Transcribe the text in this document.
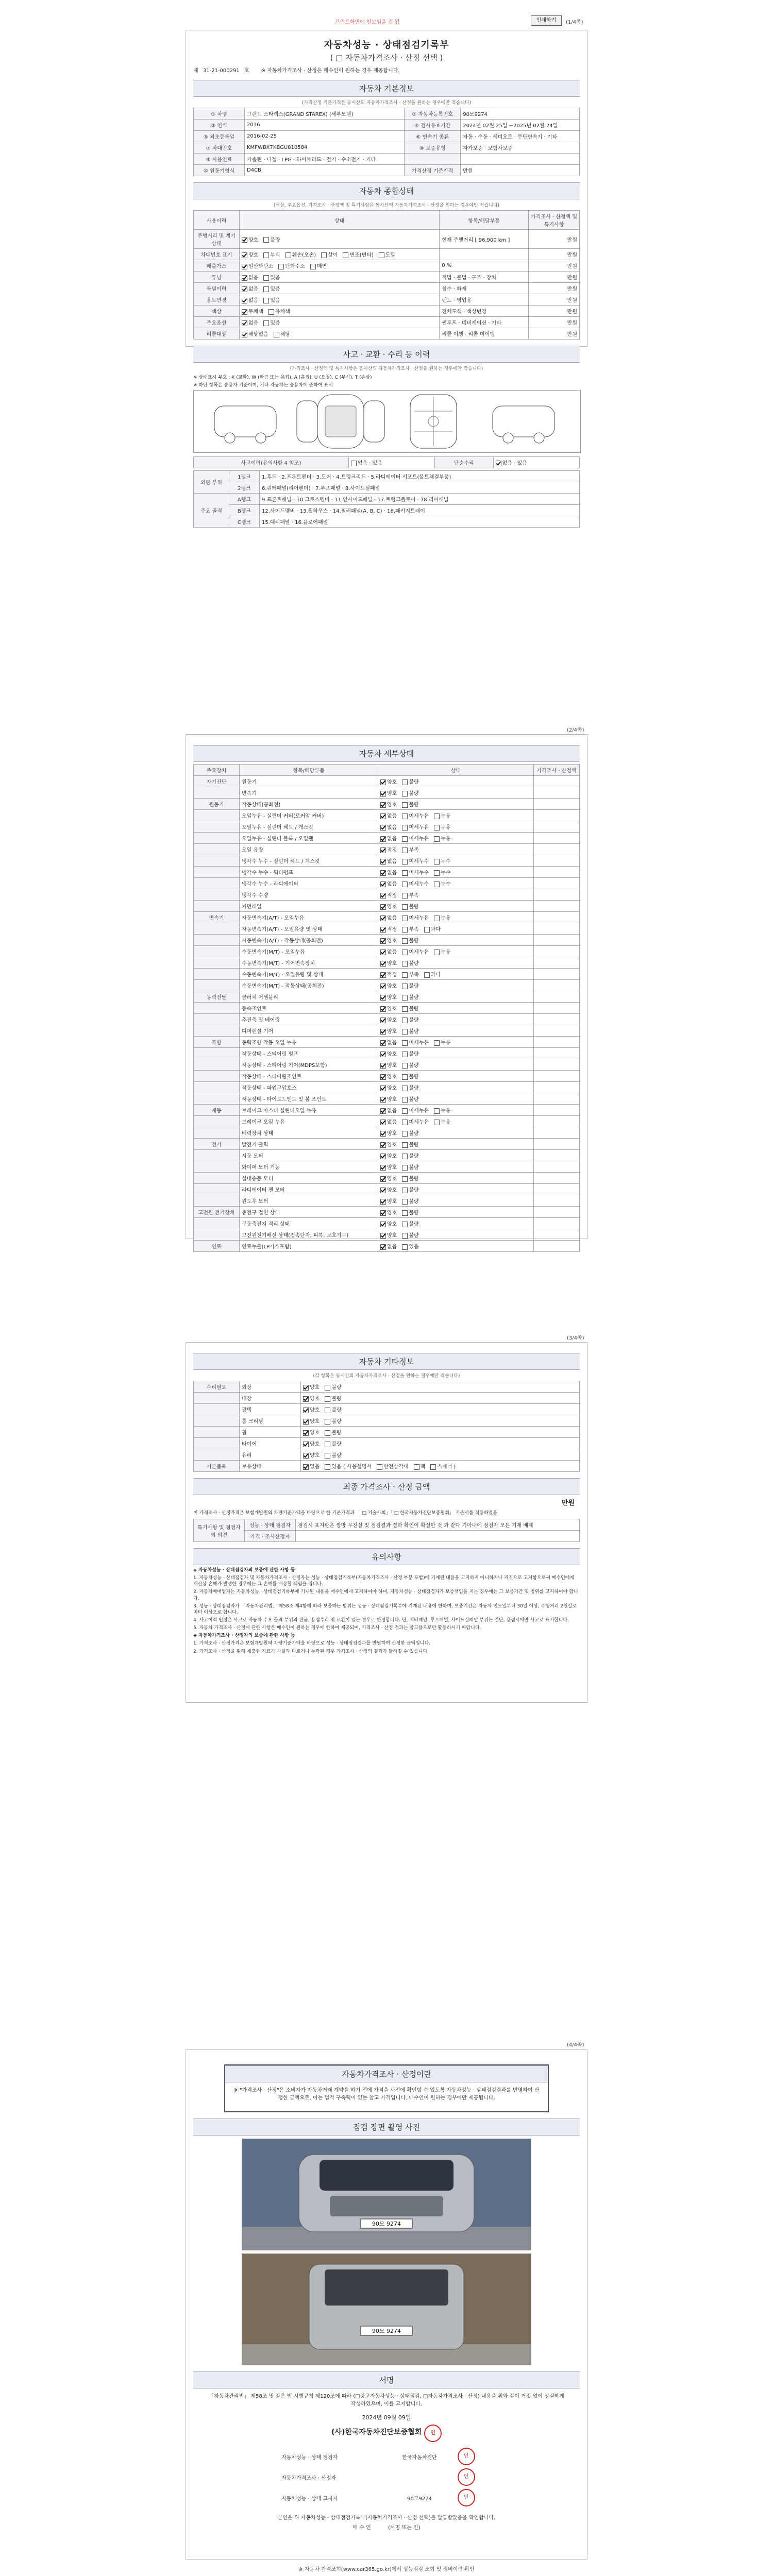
프린트화면에 안보임을 겁 됨	인쇄하기	(1/4쪽)
자동차성능 · 상태점검기록부
( □ 자동차가격조사 · 산정 선택 )
제 31-21-000291 호 ※ 자동차가격조사 · 산정은 매수인이 원하는 경우 제공합니다.
자동차 기본정보
(가격산정 기준가격은 동시산의 자동차가격조사 · 산정을 원하는 경우에만 적습니다)
① 차명	그랜드 스타렉스(GRAND STAREX) (세부모델)	② 자동차등록번호	90모9274
③ 연식	2016	④ 검사유효기간	2024년 02월 25일 ~2025년 02월 24일
⑤ 최초등록일	2016-02-25	⑥ 변속기 종류	자동 · 수동 · 세미오토 · 무단변속기 · 기타
⑦ 차대번호	KMFWBX7KBGU810584	⑧ 보증유형	자가보증 · 보험사보증
⑨ 사용연료	가솔린 · 디젤 · LPG · 하이브리드 · 전기 · 수소전기 · 기타		
⑩ 원동기형식	D4CB	가격산정 기준가격	만원
자동차 종합상태
(색상, 주요옵션, 가격조사 · 산정액 및 특기사항은 동시산의 자동차가격조사 · 산정을 원하는 경우에만 적습니다)
사용이력	상태	항목/해당부품	가격조사 · 산정액 및 특기사항
주행거리 및 계기상태	양호 불량	현재 주행거리 [ 96,900 km ]	만원
차대번호 표기	양호 부식 훼손(오손) 상이 변조(변타) 도말		만원
배출가스	일산화탄소 탄화수소 매연	0 %	만원
튜닝	없음 있음	적법 · 불법 · 구조 · 장치	만원
특별이력	없음 있음	침수 · 화재	만원
용도변경	없음 있음	렌트 · 영업용	만원
색상	무채색 유채색	전체도색 · 색상변경	만원
주요옵션	없음 있음	썬루프 · 네비게이션 · 기타	만원
리콜대상	해당없음 해당	리콜 이행 · 리콜 미이행	만원
사고 · 교환 · 수리 등 이력
(가격조사 · 산정액 및 특기사항은 동시산의 자동차가격조사 · 산정을 원하는 경우에만 적습니다)
※ 상태표시 부호 : X (교환), W (판금 또는 용접), A (흠집), U (요철), C (부식), T (손상)
※ 하단 항목은 승용차 기준이며, 기타 자동차는 승용차에 준하여 표시
사고이력(유의사항 4 참조)	없음 · 있음	단순수리	없음 · 있음
외판 부위	1랭크	1.후드 · 2.프론트펜더 · 3.도어 · 4.트렁크리드 · 5.라디에이터 서포트(볼트체결부품)
	2랭크	6.쿼터패널(리어펜더) · 7.루프패널 · 8.사이드실패널
주요 골격	A랭크	9.프론트패널 · 10.크로스멤버 · 11.인사이드패널 · 17.트렁크플로어 · 18.리어패널
	B랭크	12.사이드멤버 · 13.휠하우스 · 14.필러패널(A, B, C) · 16.패키지트레이
	C랭크	15.대쉬패널 · 16.플로어패널
(2/4쪽)
자동차 세부상태
주요장치	항목/해당부품	상태	가격조사 · 산정액
자기진단	원동기	양호 불량	
	변속기	양호 불량	
원동기	작동상태(공회전)	양호 불량	
	오일누유 - 실린더 커버(로커암 커버)	없음 미세누유 누유	
	오일누유 - 실린더 헤드 / 개스킷	없음 미세누유 누유	
	오일누유 - 실린더 블록 / 오일팬	없음 미세누유 누유	
	오일 유량	적정 부족	
	냉각수 누수 - 실린더 헤드 / 개스킷	없음 미세누수 누수	
	냉각수 누수 - 워터펌프	없음 미세누수 누수	
	냉각수 누수 - 라디에이터	없음 미세누수 누수	
	냉각수 수량	적정 부족	
	커먼레일	양호 불량	
변속기	자동변속기(A/T) - 오일누유	없음 미세누유 누유	
	자동변속기(A/T) - 오일유량 및 상태	적정 부족 과다	
	자동변속기(A/T) - 작동상태(공회전)	양호 불량	
	수동변속기(M/T) - 오일누유	없음 미세누유 누유	
	수동변속기(M/T) - 기어변속장치	양호 불량	
	수동변속기(M/T) - 오일유량 및 상태	적정 부족 과다	
	수동변속기(M/T) - 작동상태(공회전)	양호 불량	
동력전달	클러치 어셈블리	양호 불량	
	등속조인트	양호 불량	
	추진축 및 베어링	양호 불량	
	디퍼렌셜 기어	양호 불량	
조향	동력조향 작동 오일 누유	없음 미세누유 누유	
	작동상태 - 스티어링 펌프	양호 불량	
	작동상태 - 스티어링 기어(MDPS포함)	양호 불량	
	작동상태 - 스티어링조인트	양호 불량	
	작동상태 - 파워고압호스	양호 불량	
	작동상태 - 타이로드엔드 및 볼 조인트	양호 불량	
제동	브레이크 마스터 실린더오일 누유	없음 미세누유 누유	
	브레이크 오일 누유	없음 미세누유 누유	
	배력장치 상태	양호 불량	
전기	발전기 출력	양호 불량	
	시동 모터	양호 불량	
	와이퍼 모터 기능	양호 불량	
	실내송풍 모터	양호 불량	
	라디에이터 팬 모터	양호 불량	
	윈도우 모터	양호 불량	
고전원 전기장치	충전구 절연 상태	양호 불량	
	구동축전지 격리 상태	양호 불량	
	고전원전기배선 상태(접속단자, 피복, 보호기구)	양호 불량	
연료	연료누출(LP가스포함)	없음 있음	
(3/4쪽)
자동차 기타정보
(각 항목은 동시산의 자동차가격조사 · 산정을 원하는 경우에만 적습니다)
수리필요	외장	양호 불량
	내장	양호 불량
	광택	양호 불량
	룸 크리닝	양호 불량
	휠	양호 불량
	타이어	양호 불량
	유리	양호 불량
기본품목	보유상태	없음 있음 ( 사용설명서 안전삼각대 잭 스패너 )
최종 가격조사 · 산정 금액
만원
이 가격조사 · 산정가격은 보험개발원의 차량기준가액을 바탕으로 한 기준가격과 「 □ 기술사회」「 □ 한국자동차진단보증협회」 기준서를 적용하였음.
특기사항 및 점검자의 의견	성능 · 상태 점검자	점검시 표지판은 쌍방 무전실 및 점검결과 결과 확인이 확실한 것 과 같다 기아내에 점검자 모든 기재 배제
	가격 · 조사산정자	
유의사항

◈ 자동차성능 · 상태점검자의 보증에 관한 사항 등

1. 자동차성능 · 상태점검자 및 자동차가격조사 · 산정자는 성능 · 상태점검기록부(자동차가격조사 · 산정 부분 포함)에 기재된 내용을 고지하지 아니하거나 거짓으로 고지함으로써 매수인에게 재산상 손해가 발생한 경우에는 그 손해를 배상할 책임을 집니다.

2. 자동차매매업자는 자동차성능 · 상태점검기록부에 기재된 내용을 매수인에게 고지하여야 하며, 자동차성능 · 상태점검자가 보증책임을 지는 경우에는 그 보증기간 및 범위를 고지하여야 합니다.

3. 성능 · 상태점검자가 「자동차관리법」 제58조 제4항에 따라 보증하는 범위는 성능 · 상태점검기록부에 기재된 내용에 한하며, 보증기간은 자동차 인도일부터 30일 이상, 주행거리 2천킬로미터 이상으로 합니다.

4. 사고이력 인정은 사고로 자동차 주요 골격 부위의 판금, 용접수리 및 교환이 있는 경우로 한정합니다. 단, 쿼터패널, 루프패널, 사이드실패널 부위는 절단, 용접시에만 사고로 표기합니다.

5. 자동차 가격조사 · 산정에 관한 사항은 매수인이 원하는 경우에 한하여 제공되며, 가격조사 · 산정 결과는 참고용으로만 활용하시기 바랍니다.

◈ 자동차가격조사 · 산정자의 보증에 관한 사항 등

1. 가격조사 · 산정가격은 보험개발원의 차량기준가액을 바탕으로 성능 · 상태점검결과를 반영하여 산정한 금액입니다.

2. 가격조사 · 산정을 위해 제출한 자료가 사실과 다르거나 누락된 경우 가격조사 · 산정의 결과가 달라질 수 있습니다.

(4/4쪽)
자동차가격조사 · 산정이란
※ "가격조사 · 산정"은 소비자가 자동차거래 계약을 하기 전에 가격을 사전에 확인할 수 있도록 자동차성능 · 상태점검결과를 반영하여 산정한 금액으로, 이는 법적 구속력이 없는 참고 가격입니다. 매수인이 원하는 경우에만 제공됩니다.
점검 장면 촬영 사진
90모 9274
90모 9274
서명
「자동차관리법」 제58조 및 같은 법 시행규칙 제120조에 따라 (□중고자동차성능 · 상태점검, □자동차가격조사 · 산정) 내용을 위와 같이 거짓 없이 성실하게 작성하였으며, 이를 고지합니다.
2024년 09월 09일
(사)한국자동차진단보증협회 인
자동차성능 · 상태 점검자	한국자동차진단	인
자동차가격조사 · 산정자		인
자동차성능 · 상태 고지자	90모9274	인
본인은 위 자동차성능 · 상태점검기록부(자동차가격조사 · 산정 선택)를 발급받았음을 확인합니다.
매 수 인	(서명 또는 인)
※ 자동차 가격조회(www.car365.go.kr)에서 성능점검 조회 및 정비이력 확인
